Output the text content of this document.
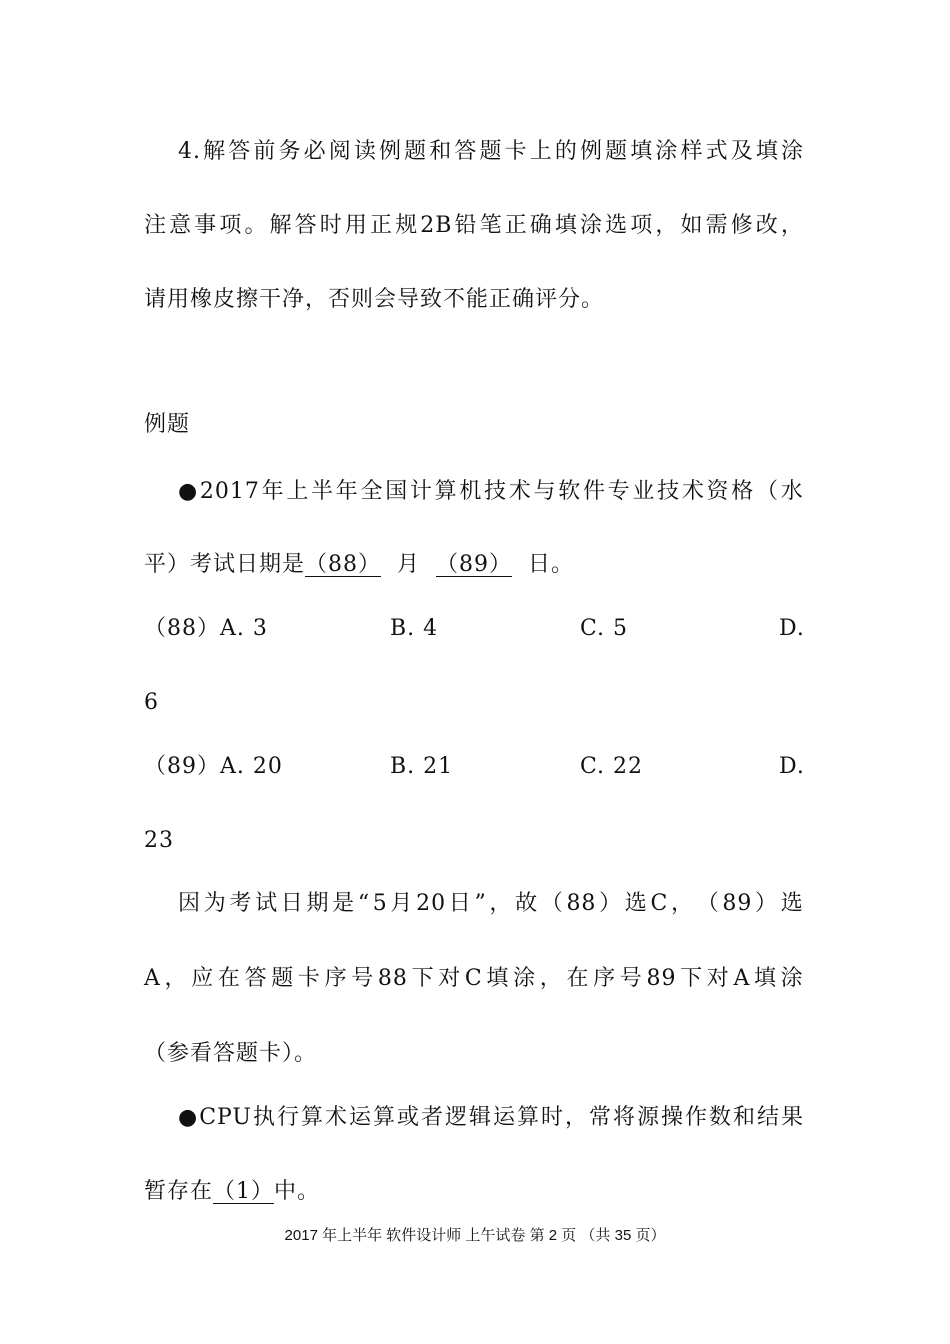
4. 解 答 前 务 必 阅 读 例 题 和 答 题 卡 上 的 例 题 填 涂 样 式 及 填 涂
注 意 事 项 。 解 答 时 用 正 规 2B 铅 笔 正 确 填 涂 选 项 ， 如 需 修 改 ，
请用橡皮擦干净，否则会导致不能正确评分。
例题
● 2017 年 上 半 年 全 国 计 算 机 技 术 与 软 件 专 业 技 术 资 格 （ 水
平）考试日期是（88）  月  （89）  日。
（88）A. 3	B. 4	C. 5	D.
6
（89）A. 20	B. 21	C. 22	D.
23
因 为 考 试 日 期 是 “ 5 月 20 日 ” ， 故 （ 88 ） 选 C ， （ 89 ） 选
A ， 应 在 答 题 卡 序 号 88 下 对 C 填 涂 ， 在 序 号 89 下 对 A 填 涂
（参看答题卡）。
● CPU 执 行 算 术 运 算 或 者 逻 辑 运 算 时 ， 常 将 源 操 作 数 和 结 果
暂存在（1）中。
2017 年上半年 软件设计师 上午试卷 第 2 页 （共 35 页）
